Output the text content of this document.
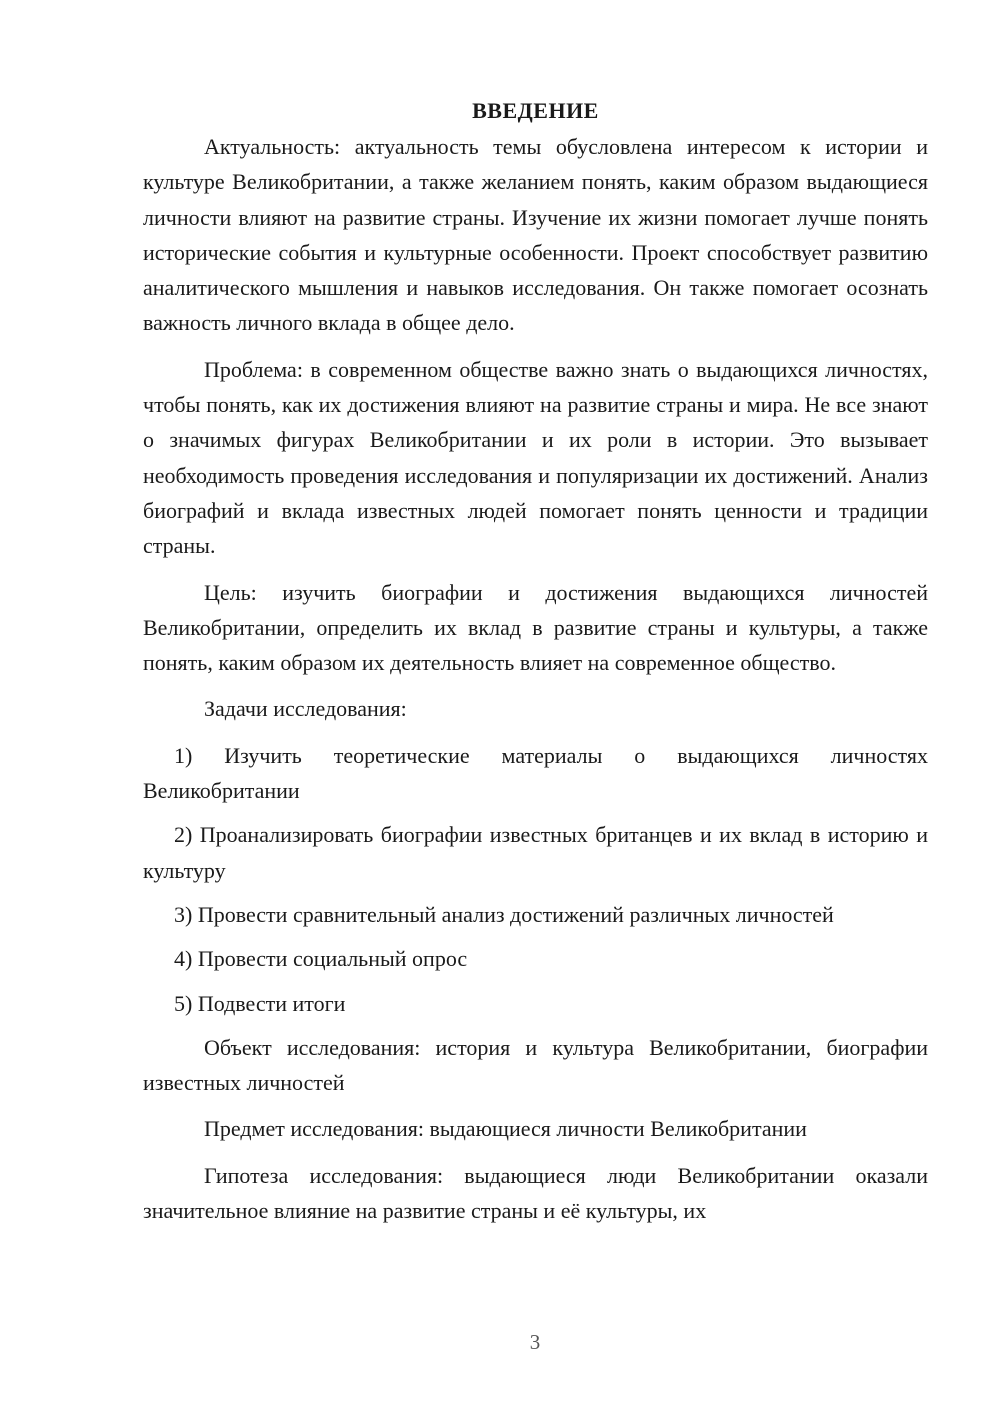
ВВЕДЕНИЕ

Актуальность: актуальность темы обусловлена интересом к истории и культуре Великобритании, а также желанием понять, каким образом выдающиеся личности влияют на развитие страны. Изучение их жизни помогает лучше понять исторические события и культурные особенности. Проект способствует развитию аналитического мышления и навыков исследования. Он также помогает осознать важность личного вклада в общее дело.

Проблема: в современном обществе важно знать о выдающихся личностях, чтобы понять, как их достижения влияют на развитие страны и мира. Не все знают о значимых фигурах Великобритании и их роли в истории. Это вызывает необходимость проведения исследования и популяризации их достижений. Анализ биографий и вклада известных людей помогает понять ценности и традиции страны.

Цель: изучить биографии и достижения выдающихся личностей Великобритании, определить их вклад в развитие страны и культуры, а также понять, каким образом их деятельность влияет на современное общество.

Задачи исследования:

1) Изучить теоретические материалы о выдающихся личностях Великобритании

2) Проанализировать биографии известных британцев и их вклад в историю и культуру

3) Провести сравнительный анализ достижений различных личностей

4) Провести социальный опрос

5) Подвести итоги

Объект исследования: история и культура Великобритании, биографии известных личностей

Предмет исследования: выдающиеся личности Великобритании

Гипотеза исследования: выдающиеся люди Великобритании оказали значительное влияние на развитие страны и её культуры, их

3
